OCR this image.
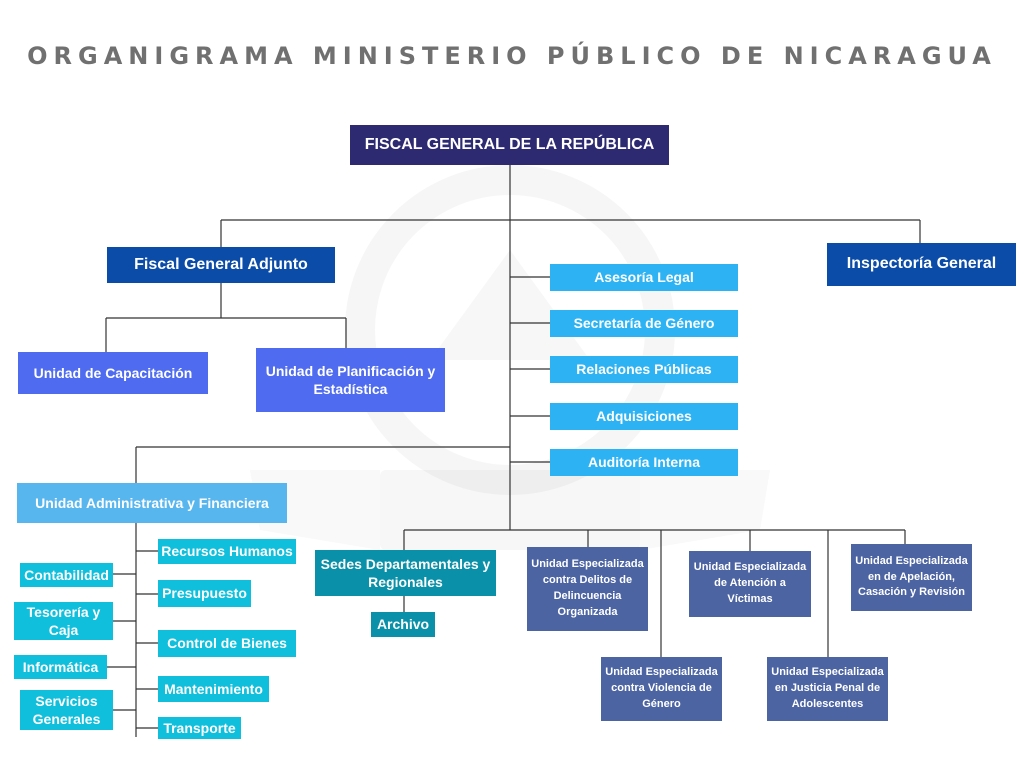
ORGANIGRAMA MINISTERIO PÚBLICO DE NICARAGUA
FISCAL GENERAL DE LA REPÚBLICA
Fiscal General Adjunto	Inspectoría General
Unidad de Capacitación	Unidad de Planificación y Estadística
Asesoría Legal
Secretaría de Género
Relaciones Públicas
Adquisiciones
Auditoría Interna
Unidad Administrativa y Financiera
Recursos Humanos
Presupuesto
Control de Bienes
Mantenimiento
Transporte
Contabilidad
Tesorería y Caja
Informática
Servicios Generales
Sedes Departamentales y Regionales
Archivo
Unidad Especializada contra Delitos de Delincuencia Organizada
Unidad Especializada de Atención a Víctimas
Unidad Especializada en de Apelación, Casación y Revisión
Unidad Especializada contra Violencia de Género
Unidad Especializada en Justicia Penal de Adolescentes
